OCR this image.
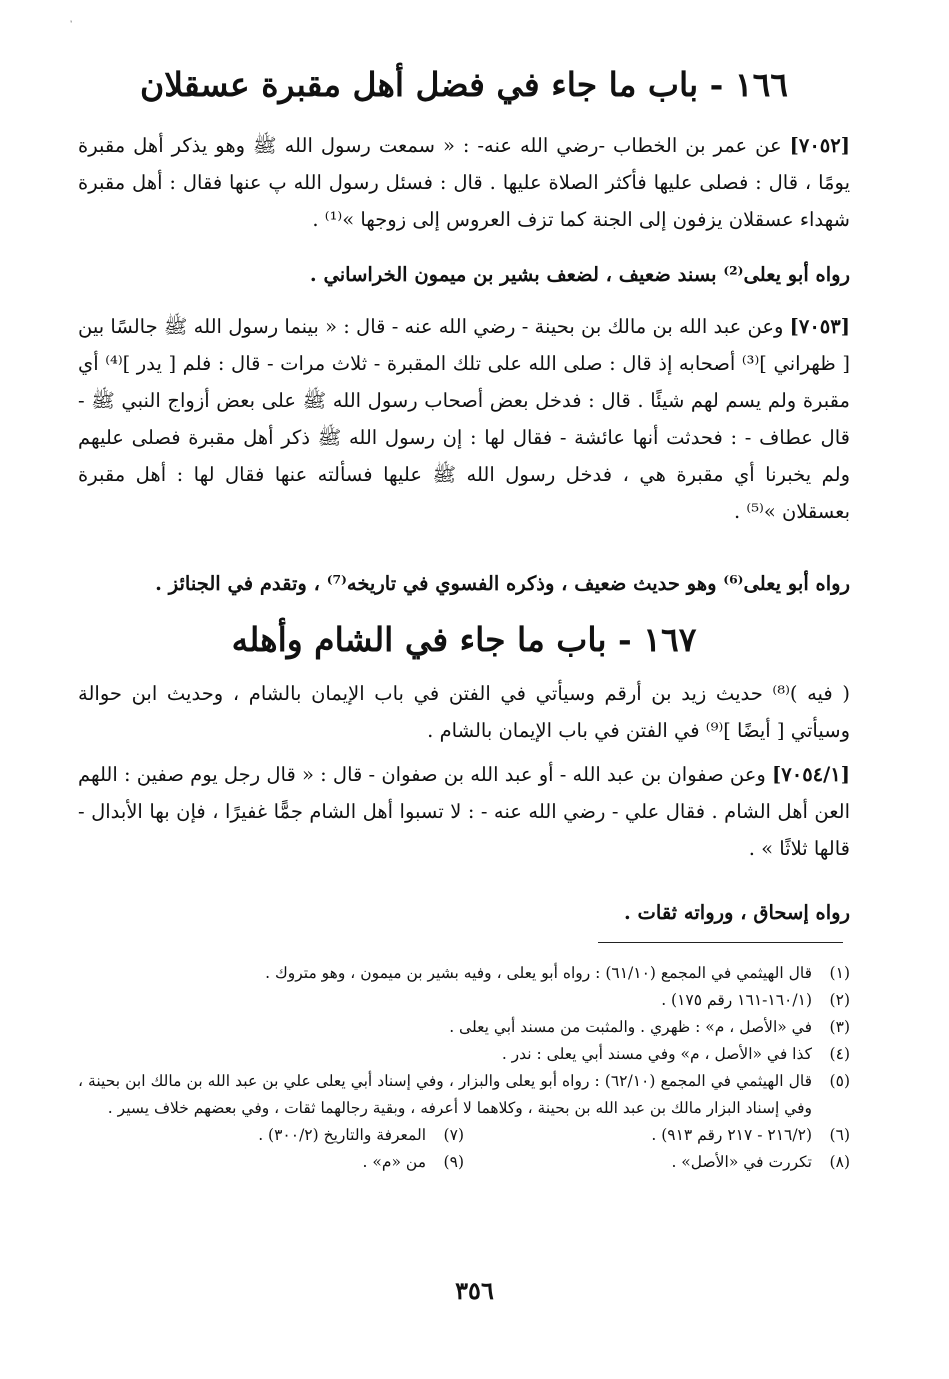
١٦٦ - باب ما جاء في فضل أهل مقبرة عسقلان
[٧٠٥٢] عن عمر بن الخطاب -رضي الله عنه- : « سمعت رسول الله ﷺ وهو يذكر أهل مقبرة يومًا ، قال : فصلى عليها فأكثر الصلاة عليها . قال : فسئل رسول الله پ عنها فقال : أهل مقبرة شهداء عسقلان يزفون إلى الجنة كما تزف العروس إلى زوجها »⁽¹⁾ .
رواه أبو يعلى⁽²⁾ بسند ضعيف ، لضعف بشير بن ميمون الخراساني .
[٧٠٥٣] وعن عبد الله بن مالك بن بحينة - رضي الله عنه - قال : « بينما رسول الله ﷺ جالسًا بين [ ظهراني ]⁽³⁾ أصحابه إذ قال : صلى الله على تلك المقبرة - ثلاث مرات - قال : فلم [ يدر ]⁽⁴⁾ أي مقبرة ولم يسم لهم شيئًا . قال : فدخل بعض أصحاب رسول الله ﷺ على بعض أزواج النبي ﷺ - قال عطاف - : فحدثت أنها عائشة - فقال لها : إن رسول الله ﷺ ذكر أهل مقبرة فصلى عليهم ولم يخبرنا أي مقبرة هي ، فدخل رسول الله ﷺ عليها فسألته عنها فقال لها : أهل مقبرة بعسقلان »⁽⁵⁾ .
رواه أبو يعلى⁽⁶⁾ وهو حديث ضعيف ، وذكره الفسوي في تاريخه⁽⁷⁾ ، وتقدم في الجنائز .
١٦٧ - باب ما جاء في الشام وأهله
( فيه )⁽⁸⁾ حديث زيد بن أرقم وسيأتي في الفتن في باب الإيمان بالشام ، وحديث ابن حوالة وسيأتي [ أيضًا ]⁽⁹⁾ في الفتن في باب الإيمان بالشام .
[٧٠٥٤/١] وعن صفوان بن عبد الله - أو عبد الله بن صفوان - قال : « قال رجل يوم صفين : اللهم العن أهل الشام . فقال علي - رضي الله عنه - : لا تسبوا أهل الشام جمًّا غفيرًا ، فإن بها الأبدال - قالها ثلاثًا » .
رواه إسحاق ، ورواته ثقات .
(١)
قال الهيثمي في المجمع (٦١/١٠) : رواه أبو يعلى ، وفيه بشير بن ميمون ، وهو متروك .
(٢)
(١٦٠/١-١٦١ رقم ١٧٥) .
(٣)
في «الأصل ، م» : ظهري . والمثبت من مسند أبي يعلى .
(٤)
كذا في «الأصل ، م» وفي مسند أبي يعلى : ندر .
(٥)
قال الهيثمي في المجمع (٦٢/١٠) : رواه أبو يعلى والبزار ، وفي إسناد أبي يعلى علي بن عبد الله بن مالك ابن بحينة ، وفي إسناد البزار مالك بن عبد الله بن بحينة ، وكلاهما لا أعرفه ، وبقية رجالهما ثقات ، وفي بعضهم خلاف يسير .
(٦)
(٢١٦/٢ - ٢١٧ رقم ٩١٣) .
(٧)
المعرفة والتاريخ (٣٠٠/٢) .
(٨)
تكررت في «الأصل» .
(٩)
من «م» .
٣٥٦
